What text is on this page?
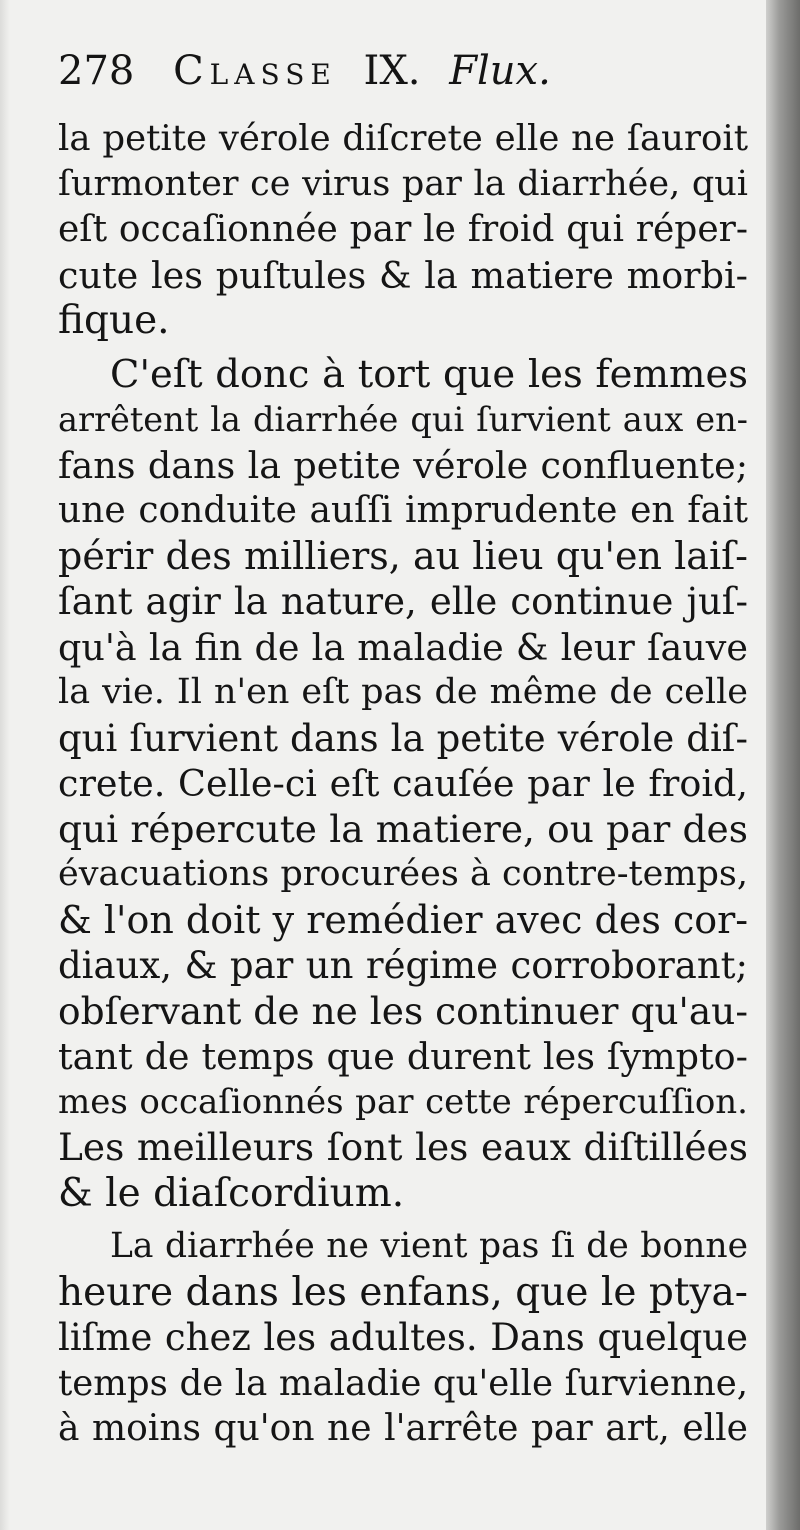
278 Classe IX. Flux.
la petite vérole diſcrete elle ne ſauroit
ſurmonter ce virus par la diarrhée, qui
eſt occaſionnée par le froid qui réper-
cute les puſtules & la matiere morbi-
fique.
C'eſt donc à tort que les femmes
arrêtent la diarrhée qui ſurvient aux en-
fans dans la petite vérole confluente;
une conduite auſſi imprudente en fait
périr des milliers, au lieu qu'en laiſ-
ſant agir la nature, elle continue juſ-
qu'à la fin de la maladie & leur ſauve
la vie. Il n'en eſt pas de même de celle
qui ſurvient dans la petite vérole diſ-
crete. Celle-ci eſt cauſée par le froid,
qui répercute la matiere, ou par des
évacuations procurées à contre-temps,
& l'on doit y remédier avec des cor-
diaux, & par un régime corroborant;
obſervant de ne les continuer qu'au-
tant de temps que durent les ſympto-
mes occaſionnés par cette répercuſſion.
Les meilleurs ſont les eaux diſtillées
& le diaſcordium.
La diarrhée ne vient pas ſi de bonne
heure dans les enfans, que le ptya-
liſme chez les adultes. Dans quelque
temps de la maladie qu'elle ſurvienne,
à moins qu'on ne l'arrête par art, elle
